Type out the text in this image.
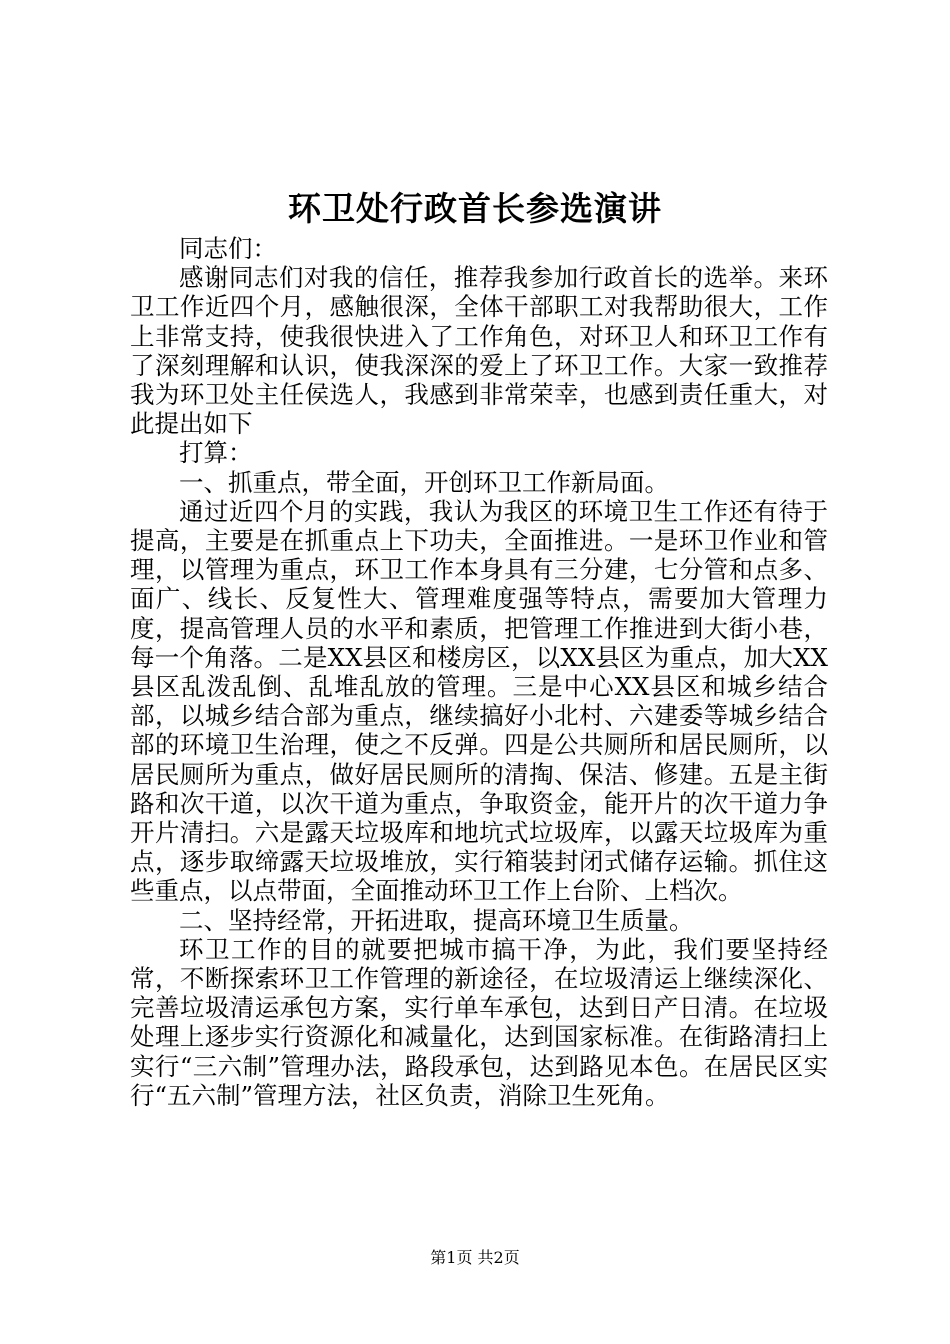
环卫处行政首长参选演讲

同志们：

感谢同志们对我的信任，推荐我参加行政首长的选举。来环卫工作近四个月，感触很深，全体干部职工对我帮助很大，工作上非常支持，使我很快进入了工作角色，对环卫人和环卫工作有了深刻理解和认识，使我深深的爱上了环卫工作。大家一致推荐我为环卫处主任侯选人，我感到非常荣幸，也感到责任重大，对此提出如下

打算：

一、抓重点，带全面，开创环卫工作新局面。

通过近四个月的实践，我认为我区的环境卫生工作还有待于提高，主要是在抓重点上下功夫，全面推进。一是环卫作业和管理，以管理为重点，环卫工作本身具有三分建，七分管和点多、面广、线长、反复性大、管理难度强等特点，需要加大管理力度，提高管理人员的水平和素质，把管理工作推进到大街小巷，每一个角落。二是XX县区和楼房区，以XX县区为重点，加大XX县区乱泼乱倒、乱堆乱放的管理。三是中心XX县区和城乡结合部，以城乡结合部为重点，继续搞好小北村、六建委等城乡结合部的环境卫生治理，使之不反弹。四是公共厕所和居民厕所，以居民厕所为重点，做好居民厕所的清掏、保洁、修建。五是主街路和次干道，以次干道为重点，争取资金，能开片的次干道力争开片清扫。六是露天垃圾库和地坑式垃圾库，以露天垃圾库为重点，逐步取缔露天垃圾堆放，实行箱装封闭式储存运输。抓住这些重点，以点带面，全面推动环卫工作上台阶、上档次。

二、坚持经常，开拓进取，提高环境卫生质量。

环卫工作的目的就要把城市搞干净，为此，我们要坚持经常，不断探索环卫工作管理的新途径，在垃圾清运上继续深化、完善垃圾清运承包方案，实行单车承包，达到日产日清。在垃圾处理上逐步实行资源化和减量化，达到国家标准。在街路清扫上实行“三六制”管理办法，路段承包，达到路见本色。在居民区实行“五六制”管理方法，社区负责，消除卫生死角。

第1页 共2页
